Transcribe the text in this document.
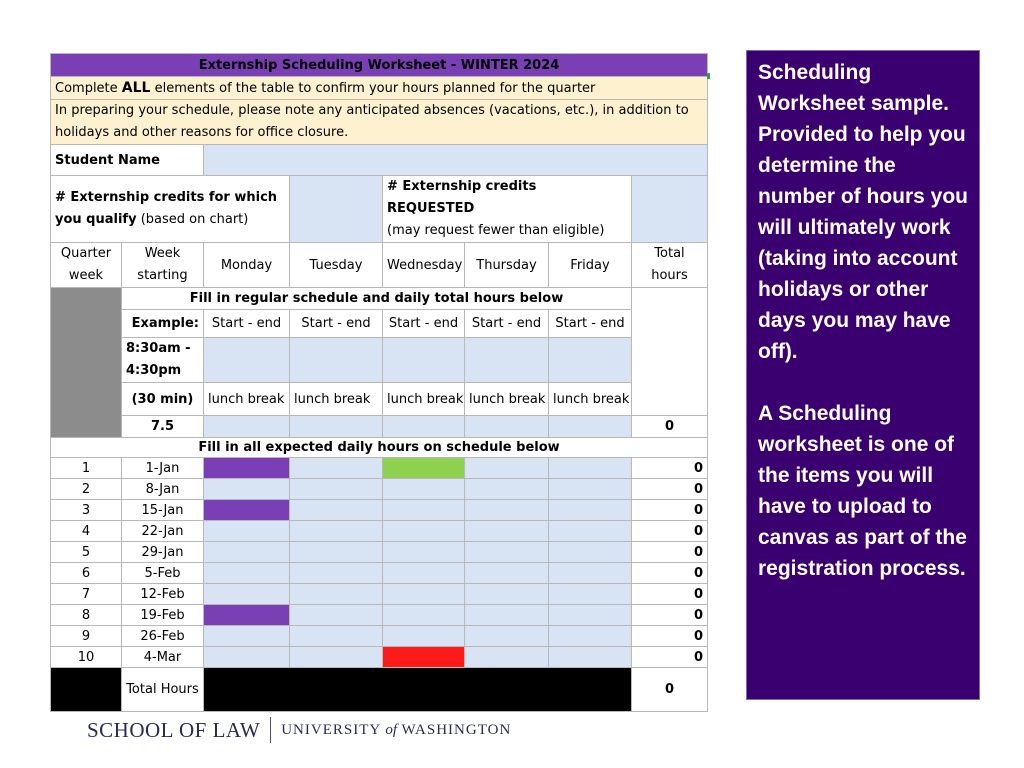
Externship Scheduling Worksheet - WINTER 2024							
Complete ALL elements of the table to confirm your hours planned for the quarter							
In preparing your schedule, please note any anticipated absences (vacations, etc.), in addition to holidays and other reasons for office closure.							
Student Name							
# Externship credits for which you qualify (based on chart)				# Externship credits REQUESTED
(may request fewer than eligible)			
Quarter week	Week starting	Monday	Tuesday	Wednesday	Thursday	Friday	Total hours
	Fill in regular schedule and daily total hours below						
	Example:	Start - end	Start - end	Start - end	Start - end	Start - end	
	8:30am - 4:30pm						
	(30 min)	lunch break	lunch break	lunch break	lunch break	lunch break	
	7.5						0
Fill in all expected daily hours on schedule below							
1	1-Jan						0
2	8-Jan						0
3	15-Jan						0
4	22-Jan						0
5	29-Jan						0
6	5-Feb						0
7	12-Feb						0
8	19-Feb						0
9	26-Feb						0
10	4-Mar						0
	Total Hours						0

Scheduling Worksheet sample. Provided to help you determine the number of hours you will ultimately work (taking into account holidays or other days you may have off).

A Scheduling worksheet is one of the items you will have to upload to canvas as part of the registration process.

SCHOOL OF LAW UNIVERSITY of WASHINGTON
